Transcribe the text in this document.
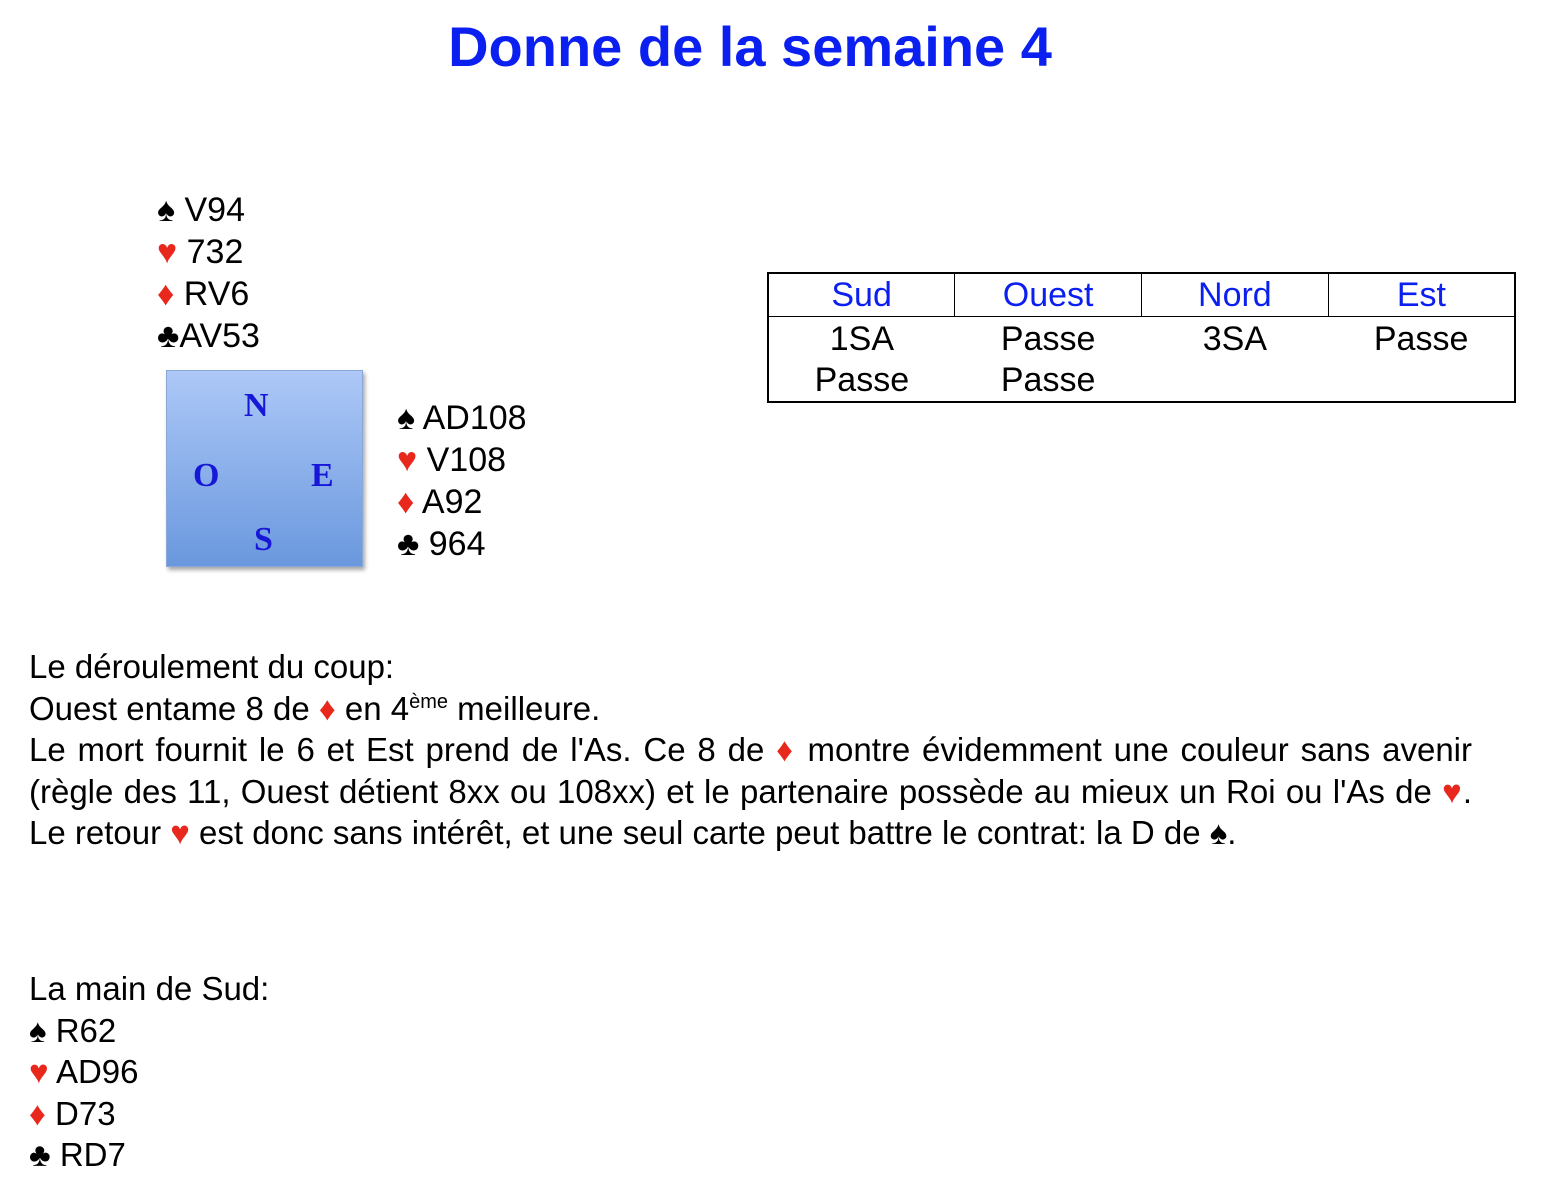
Donne de la semaine 4
♠ V94
♥ 732
♦ RV6
♣AV53
N
O	E
S
♠ AD108
♥ V108
♦ A92
♣ 964
Sud	Ouest	Nord	Est
1SA	Passe	3SA	Passe
Passe	Passe		

Le déroulement du coup:

Ouest entame 8 de ♦ en 4ème meilleure.

Le mort fournit le 6 et Est prend de l'As. Ce 8 de ♦ montre évidemment une couleur sans avenir (règle des 11, Ouest détient 8xx ou 108xx) et le partenaire possède au mieux un Roi ou l'As de ♥. Le retour ♥ est donc sans intérêt, et une seul carte peut battre le contrat: la D de ♠.

La main de Sud:
♠ R62
♥ AD96
♦ D73
♣ RD7
